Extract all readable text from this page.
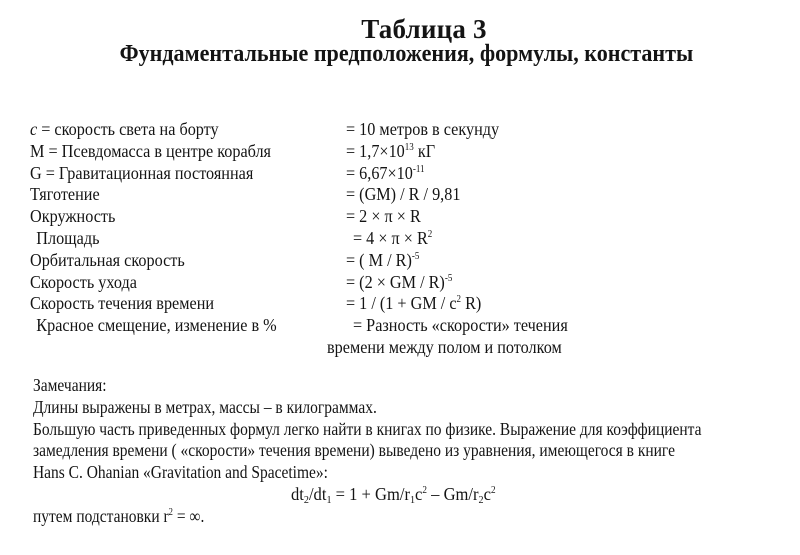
Таблица 3
Фундаментальные предположения, формулы, константы
c = скорость света на борту	= 10 метров в секунду
M = Псевдомасса в центре корабля	= $1,7\times 10^{13}$ кГ
G = Гравитационная постоянная	= $6,67\times 10^{-11}$
Тяготение	= (GM) / R / 9,81
Окружность	= 2 × π × R
Площадь	= $4 \times \pi \times R^2$
Орбитальная скорость	= ( M / R)$^{-5}$
Скорость ухода	= (2 × GM / R)$^{-5}$
Скорость течения времени	= 1 / (1 + GM / $c^2$ R)
Красное смещение, изменение в %	= Разность «скорости» течения
времени между полом и потолком
Замечания:
Длины выражены в метрах, массы – в килограммах.
Большую часть приведенных формул легко найти в книгах по физике. Выражение для коэффициента
замедления времени ( «скорости» течения времени) выведено из уравнения, имеющегося в книге
Hans C. Ohanian «Gravitation and Spacetime»:
$dt_2/dt_1 = 1 + Gm/r_1c^2 - Gm/r_2c^2$
путем подстановки $r^2$ = ∞.
